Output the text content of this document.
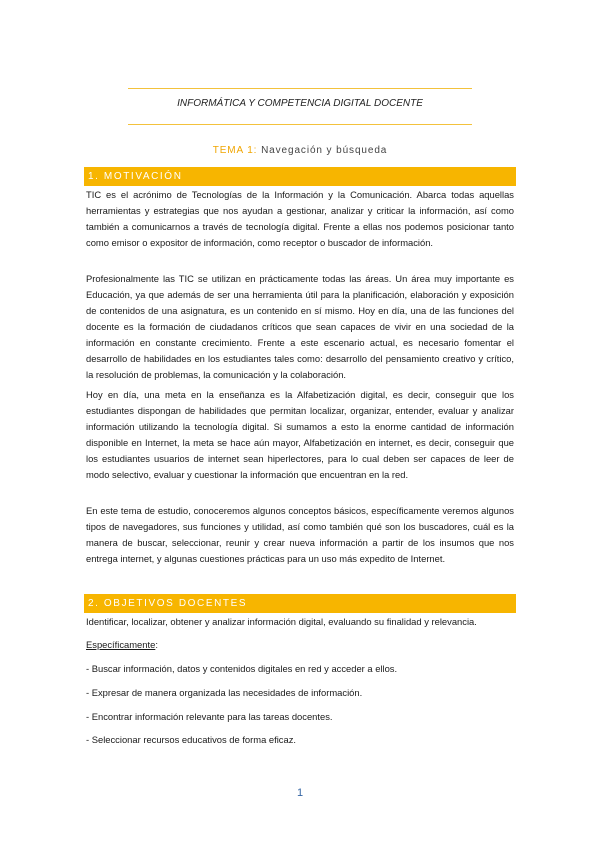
INFORMÁTICA Y COMPETENCIA DIGITAL DOCENTE
TEMA 1: Navegación y búsqueda
1. MOTIVACIÓN

TIC es el acrónimo de Tecnologías de la Información y la Comunicación. Abarca todas aquellas herramientas y estrategias que nos ayudan a gestionar, analizar y criticar la información, así como también a comunicarnos a través de tecnología digital. Frente a ellas nos podemos posicionar tanto como emisor o expositor de información, como receptor o buscador de información.

Profesionalmente las TIC se utilizan en prácticamente todas las áreas. Un área muy importante es Educación, ya que además de ser una herramienta útil para la planificación, elaboración y exposición de contenidos de una asignatura, es un contenido en sí mismo. Hoy en día, una de las funciones del docente es la formación de ciudadanos críticos que sean capaces de vivir en una sociedad de la información en constante crecimiento. Frente a este escenario actual, es necesario fomentar el desarrollo de habilidades en los estudiantes tales como: desarrollo del pensamiento creativo y crítico, la resolución de problemas, la comunicación y la colaboración.

Hoy en día, una meta en la enseñanza es la Alfabetización digital, es decir, conseguir que los estudiantes dispongan de habilidades que permitan localizar, organizar, entender, evaluar y analizar información utilizando la tecnología digital. Si sumamos a esto la enorme cantidad de información disponible en Internet, la meta se hace aún mayor, Alfabetización en internet, es decir, conseguir que los estudiantes usuarios de internet sean hiperlectores, para lo cual deben ser capaces de leer de modo selectivo, evaluar y cuestionar la información que encuentran en la red.

En este tema de estudio, conoceremos algunos conceptos básicos, específicamente veremos algunos tipos de navegadores, sus funciones y utilidad, así como también qué son los buscadores, cuál es la manera de buscar, seleccionar, reunir y crear nueva información a partir de los insumos que nos entrega internet, y algunas cuestiones prácticas para un uso más expedito de Internet.

2. OBJETIVOS DOCENTES

Identificar, localizar, obtener y analizar información digital, evaluando su finalidad y relevancia.

Específicamente:

- Buscar información, datos y contenidos digitales en red y acceder a ellos.

- Expresar de manera organizada las necesidades de información.

- Encontrar información relevante para las tareas docentes.

- Seleccionar recursos educativos de forma eficaz.

1
